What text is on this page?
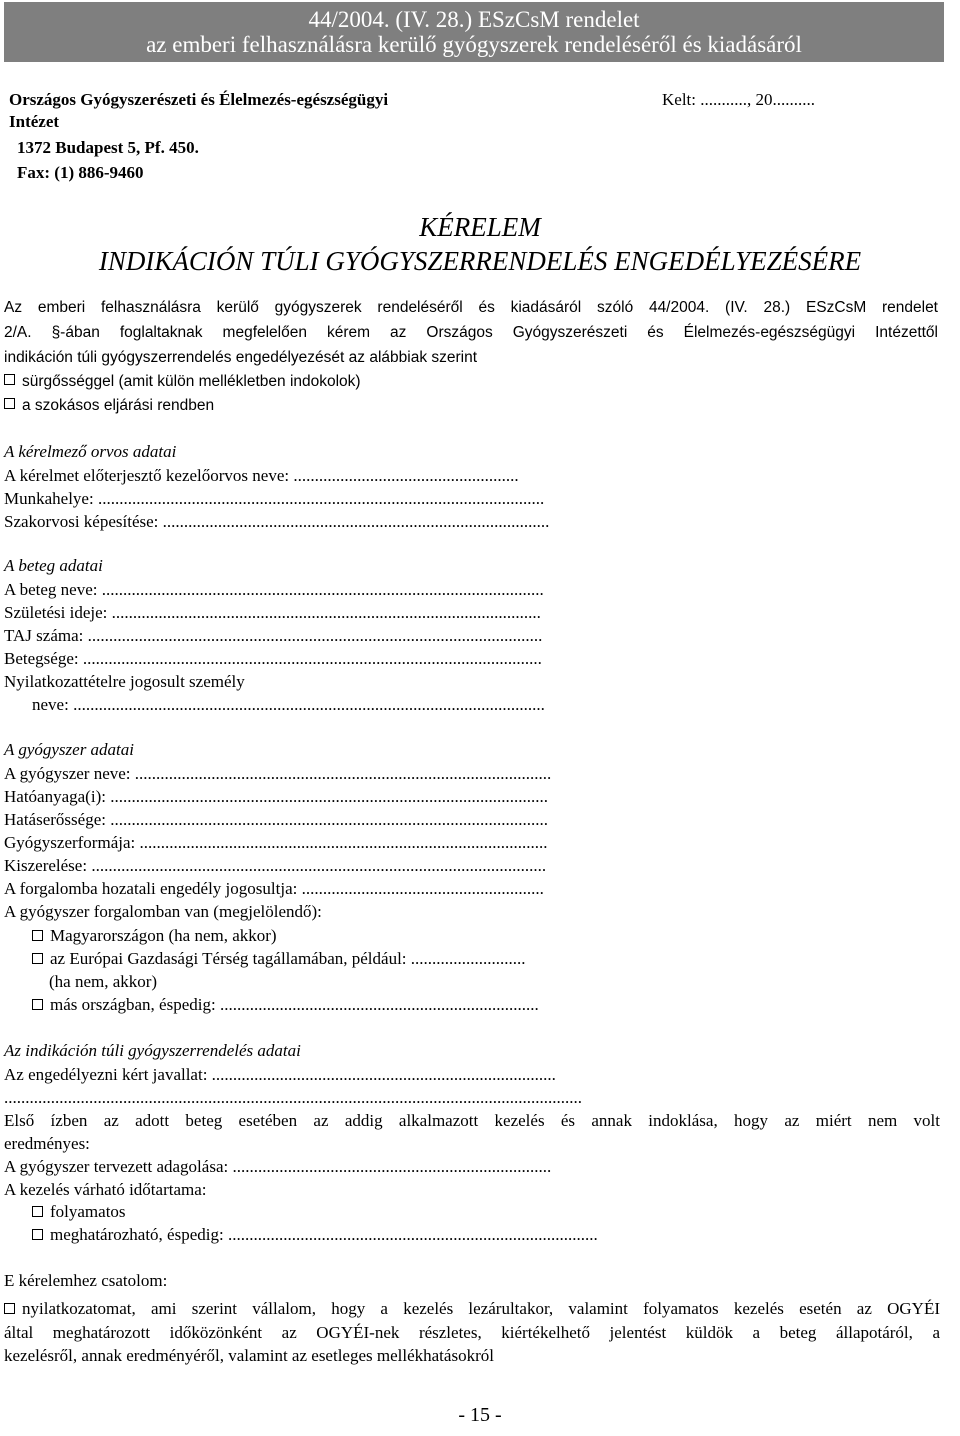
44/2004. (IV. 28.) ESzCsM rendelet
az emberi felhasználásra kerülő gyógyszerek rendeléséről és kiadásáról
Országos Gyógyszerészeti és Élelmezés-egészségügyi
Intézet
1372 Budapest 5, Pf. 450.
Fax: (1) 886-9460
Kelt: ..........., 20..........
KÉRELEM
INDIKÁCIÓN TÚLI GYÓGYSZERRENDELÉS ENGEDÉLYEZÉSÉRE
Az emberi felhasználásra kerülő gyógyszerek rendeléséről és kiadásáról szóló 44/2004. (IV. 28.) ESzCsM rendelet
2/A. §-ában foglaltaknak megfelelően kérem az Országos Gyógyszerészeti és Élelmezés-egészségügyi Intézettől
indikáción túli gyógyszerrendelés engedélyezését az alábbiak szerint
sürgősséggel (amit külön mellékletben indokolok)
a szokásos eljárási rendben
A kérelmező orvos adatai
A kérelmet előterjesztő kezelőorvos neve: .....................................................
Munkahelye: .........................................................................................................
Szakorvosi képesítése: ...........................................................................................
A beteg adatai
A beteg neve: ........................................................................................................
Születési ideje: .....................................................................................................
TAJ száma: ...........................................................................................................
Betegsége: ............................................................................................................
Nyilatkozattételre jogosult személy
neve: ...............................................................................................................
A gyógyszer adatai
A gyógyszer neve: ..................................................................................................
Hatóanyaga(i): .......................................................................................................
Hatáserőssége: .......................................................................................................
Gyógyszerformája: ................................................................................................
Kiszerelése: ...........................................................................................................
A forgalomba hozatali engedély jogosultja: .........................................................
A gyógyszer forgalomban van (megjelölendő):
Magyarországon (ha nem, akkor)
az Európai Gazdasági Térség tagállamában, például: ...........................
(ha nem, akkor)
más országban, éspedig: ...........................................................................
Az indikáción túli gyógyszerrendelés adatai
Az engedélyezni kért javallat: .................................................................................
........................................................................................................................................
Első ízben az adott beteg esetében az addig alkalmazott kezelés és annak indoklása, hogy az miért nem volt
eredményes:
A gyógyszer tervezett adagolása: ...........................................................................
A kezelés várható időtartama:
folyamatos
meghatározható, éspedig: .......................................................................................
E kérelemhez csatolom:
nyilatkozatomat, ami szerint vállalom, hogy a kezelés lezárultakor, valamint folyamatos kezelés esetén az OGYÉI
által meghatározott időközönként az OGYÉI-nek részletes, kiértékelhető jelentést küldök a beteg állapotáról, a
kezelésről, annak eredményéről, valamint az esetleges mellékhatásokról
- 15 -
